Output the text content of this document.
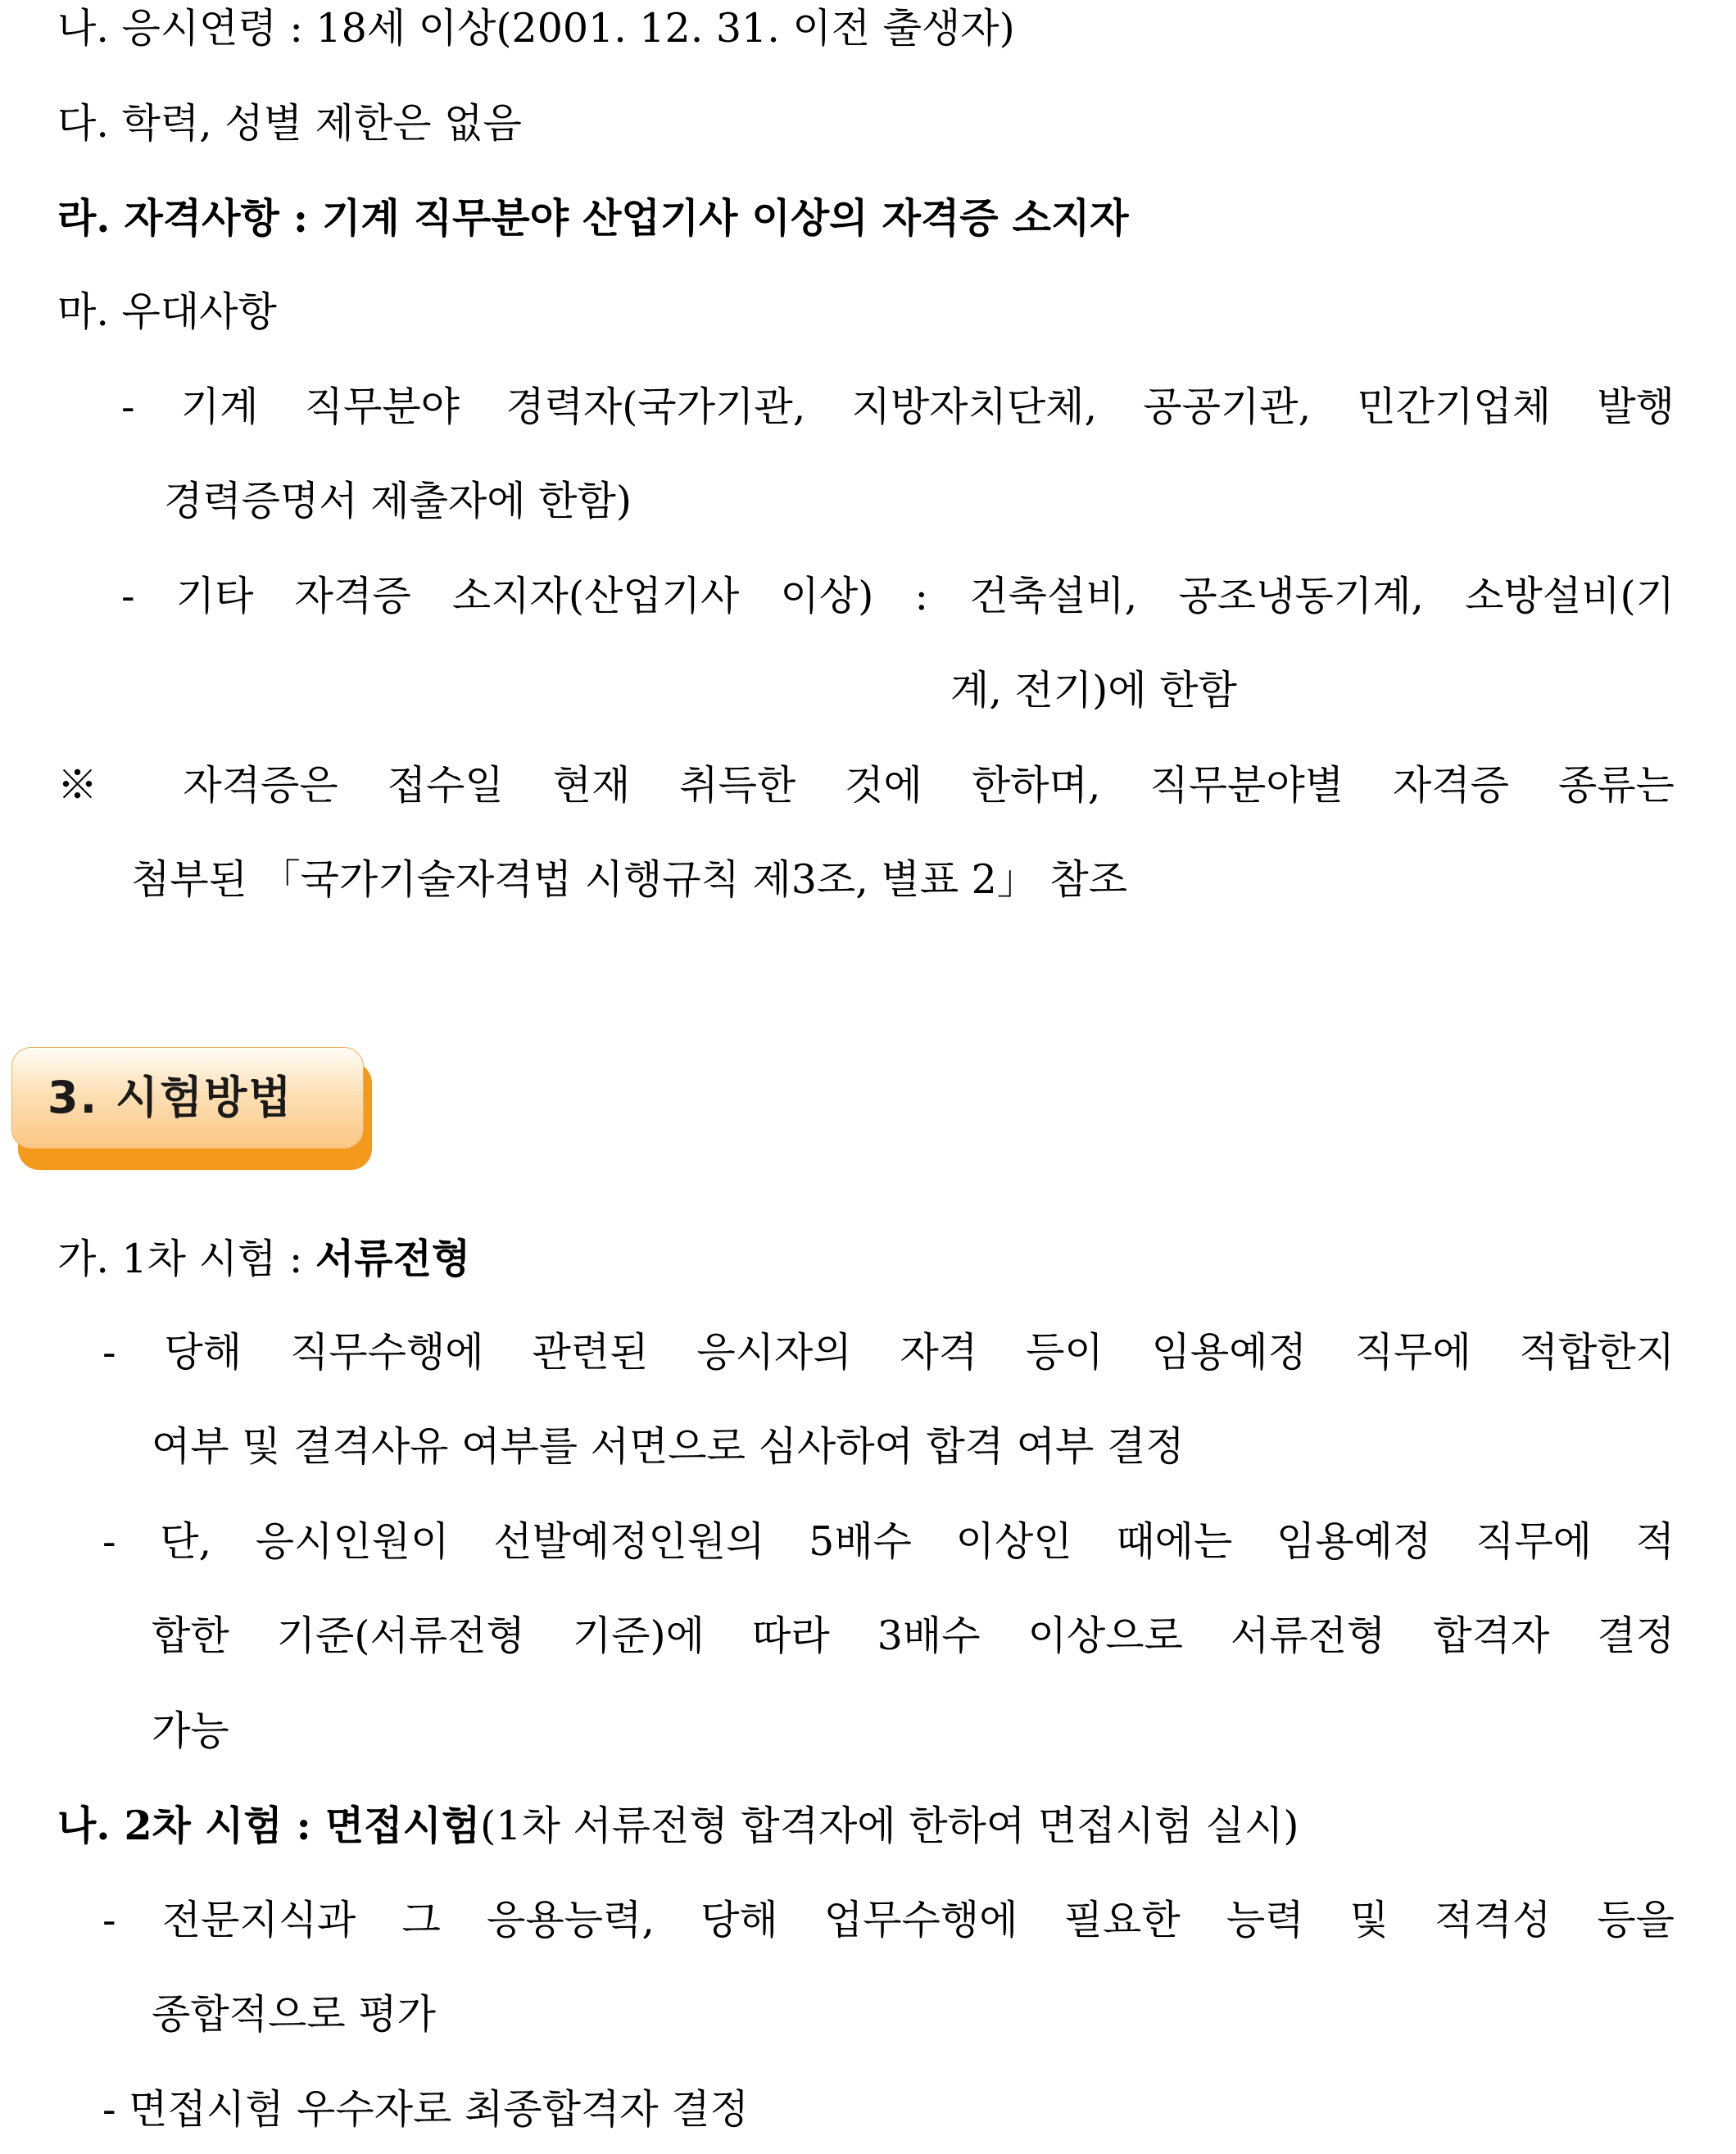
나. 응시연령 : 18세 이상(2001. 12. 31. 이전 출생자)
다. 학력, 성별 제한은 없음
라. 자격사항 : 기계 직무분야 산업기사 이상의 자격증 소지자
마. 우대사항
- 기계 직무분야 경력자(국가기관, 지방자치단체, 공공기관, 민간기업체 발행
경력증명서 제출자에 한함)
- 기타 자격증 소지자(산업기사 이상) : 건축설비, 공조냉동기계, 소방설비(기
계, 전기)에 한함
※ 자격증은 접수일 현재 취득한 것에 한하며, 직무분야별 자격증 종류는
첨부된 「국가기술자격법 시행규칙 제3조, 별표 2」 참조
3. 시험방법
가. 1차 시험 : 서류전형
- 당해 직무수행에 관련된 응시자의 자격 등이 임용예정 직무에 적합한지
여부 및 결격사유 여부를 서면으로 심사하여 합격 여부 결정
- 단, 응시인원이 선발예정인원의 5배수 이상인 때에는 임용예정 직무에 적
합한 기준(서류전형 기준)에 따라 3배수 이상으로 서류전형 합격자 결정
가능
나. 2차 시험 : 면접시험(1차 서류전형 합격자에 한하여 면접시험 실시)
- 전문지식과 그 응용능력, 당해 업무수행에 필요한 능력 및 적격성 등을
종합적으로 평가
- 면접시험 우수자로 최종합격자 결정
